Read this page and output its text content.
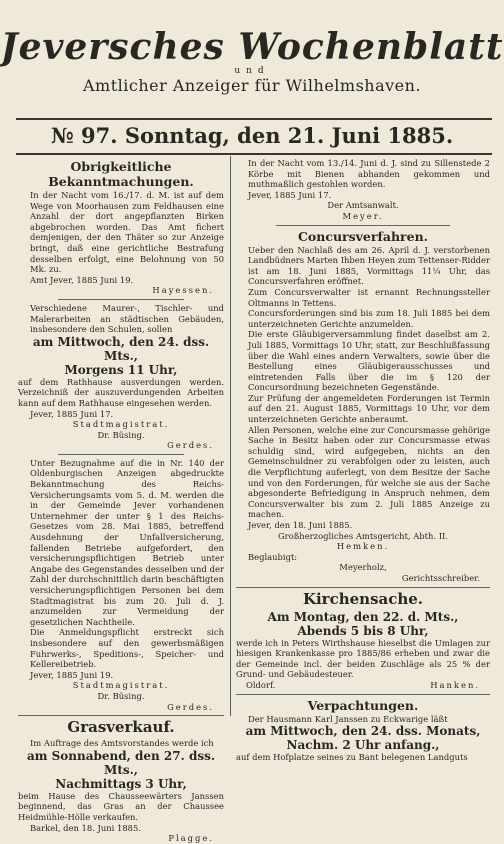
Jeversches Wochenblatt
und
Amtlicher Anzeiger für Wilhelmshaven.
№ 97. Sonntag, den 21. Juni 1885.
Obrigkeitliche Bekanntmachungen.

In der Nacht vom 16./17. d. M. ist auf dem Wege von Moorhausen zum Feldhausen eine Anzahl der dort angepflanzten Birken abgebrochen worden. Das Amt fichert demjenigen, der den Thäter so zur Anzeige bringt, daß eine gerichtliche Bestrafung desselben erfolgt, eine Belohnung von 50 Mk. zu.

Amt Jever, 1885 Juni 19.
Hayessen.

Verschiedene Maurer-, Tischler- und Malerarbeiten an städtischen Gebäuden, insbesondere den Schulen, sollen

am Mittwoch, den 24. dss. Mts.,
Morgens 11 Uhr,

auf dem Rathhause ausverdungen werden. Verzeichniß der auszuverdungenden Arbeiten kann auf dem Rathhause eingesehen werden.

Jever, 1885 Juni 17.
Stadtmagistrat.
Dr. Büsing.
Gerdes.

Unter Bezugnahme auf die in Nr. 140 der Oldenburgischen Anzeigen abgedruckte Bekanntmachung des Reichs-Versicherungsamts vom 5. d. M. werden die in der Gemeinde Jever vorhandenen Unternehmer der unter § 1 des Reichs-Gesetzes vom 28. Mai 1885, betreffend Ausdehnung der Unfallversicherung, fallenden Betriebe aufgefordert, den versicherungspflichtigen Betrieb unter Angabe des Gegenstandes desselben und der Zahl der durchschnittlich darin beschäftigten versicherungspflichtigen Personen bei dem Stadtmagistrat bis zum 20. Juli d. J. anzumelden zur Vermeidung der gesetzlichen Nachtheile.

Die Anmeldungspflicht erstreckt sich insbesondere auf den gewerbsmäßigen Fuhrwerks-, Speditions-, Speicher- und Kellereibetrieb.

Jever, 1885 Juni 19.
Stadtmagistrat.
Dr. Büsing.
Gerdes.
Grasverkauf.

Im Auftrage des Amtsvorstandes werde ich

am Sonnabend, den 27. dss. Mts.,
Nachmittags 3 Uhr,

beim Hause des Chausseewärters Janssen beginnend, das Gras an der Chaussee Heidmühle-Hölle verkaufen.

Barkel, den 18. Juni 1885.
Plagge.

In der Nacht vom 13./14. Juni d. J. sind zu Sillenstede 2 Körbe mit Bienen abhanden gekommen und muthmaßlich gestohlen worden.

Jever, 1885 Juni 17.
Der Amtsanwalt.
Meyer.
Concursverfahren.

Ueber den Nachlaß des am 26. April d. J. verstorbenen Landbüdners Marten Ihben Heyen zum Tettenser-Ridder ist am 18. Juni 1885, Vormittags 11¼ Uhr, das Concursverfahren eröffnet.

Zum Concursverwalter ist ernannt Rechnungssteller Oltmanns in Tettens.

Concursforderungen sind bis zum 18. Juli 1885 bei dem unterzeichneten Gerichte anzumelden.

Die erste Gläubigerversammlung findet daselbst am 2. Juli 1885, Vormittags 10 Uhr, statt, zur Beschlußfassung über die Wahl eines andern Verwalters, sowie über die Bestellung eines Gläubigerausschusses und eintretenden Falls über die im § 120 der Concursordnung bezeichneten Gegenstände.

Zur Prüfung der angemeldeten Forderungen ist Termin auf den 21. August 1885, Vormittags 10 Uhr, vor dem unterzeichneten Gerichte anberaumt.

Allen Personen, welche eine zur Concursmasse gehörige Sache in Besitz haben oder zur Concursmasse etwas schuldig sind, wird aufgegeben, nichts an den Gemeinschuldner zu verabfolgen oder zu leisten, auch die Verpflichtung auferlegt, von dem Besitze der Sache und von den Forderungen, für welche sie aus der Sache abgesonderte Befriedigung in Anspruch nehmen, dem Concursverwalter bis zum 2. Juli 1885 Anzeige zu machen.

Jever, den 18. Juni 1885.
Großherzogliches Amtsgericht, Abth. II.
Hemken.
Beglaubigt:
Meyerholz,
Gerichtsschreiber.
Kirchensache.
Am Montag, den 22. d. Mts.,
Abends 5 bis 8 Uhr,

werde ich in Peters Wirthshause hieselbst die Umlagen zur hiesigen Krankenkasse pro 1885/86 erheben und zwar die der Gemeinde incl. der beiden Zuschläge als 25 % der Grund- und Gebäudesteuer.

Oldorf.	Hanken.
Verpachtungen.

Der Hausmann Karl Janssen zu Eckwarige läßt

am Mittwoch, den 24. dss. Monats,
Nachm. 2 Uhr anfang.,

auf dem Hofplatze seines zu Bant belegenen Landguts
